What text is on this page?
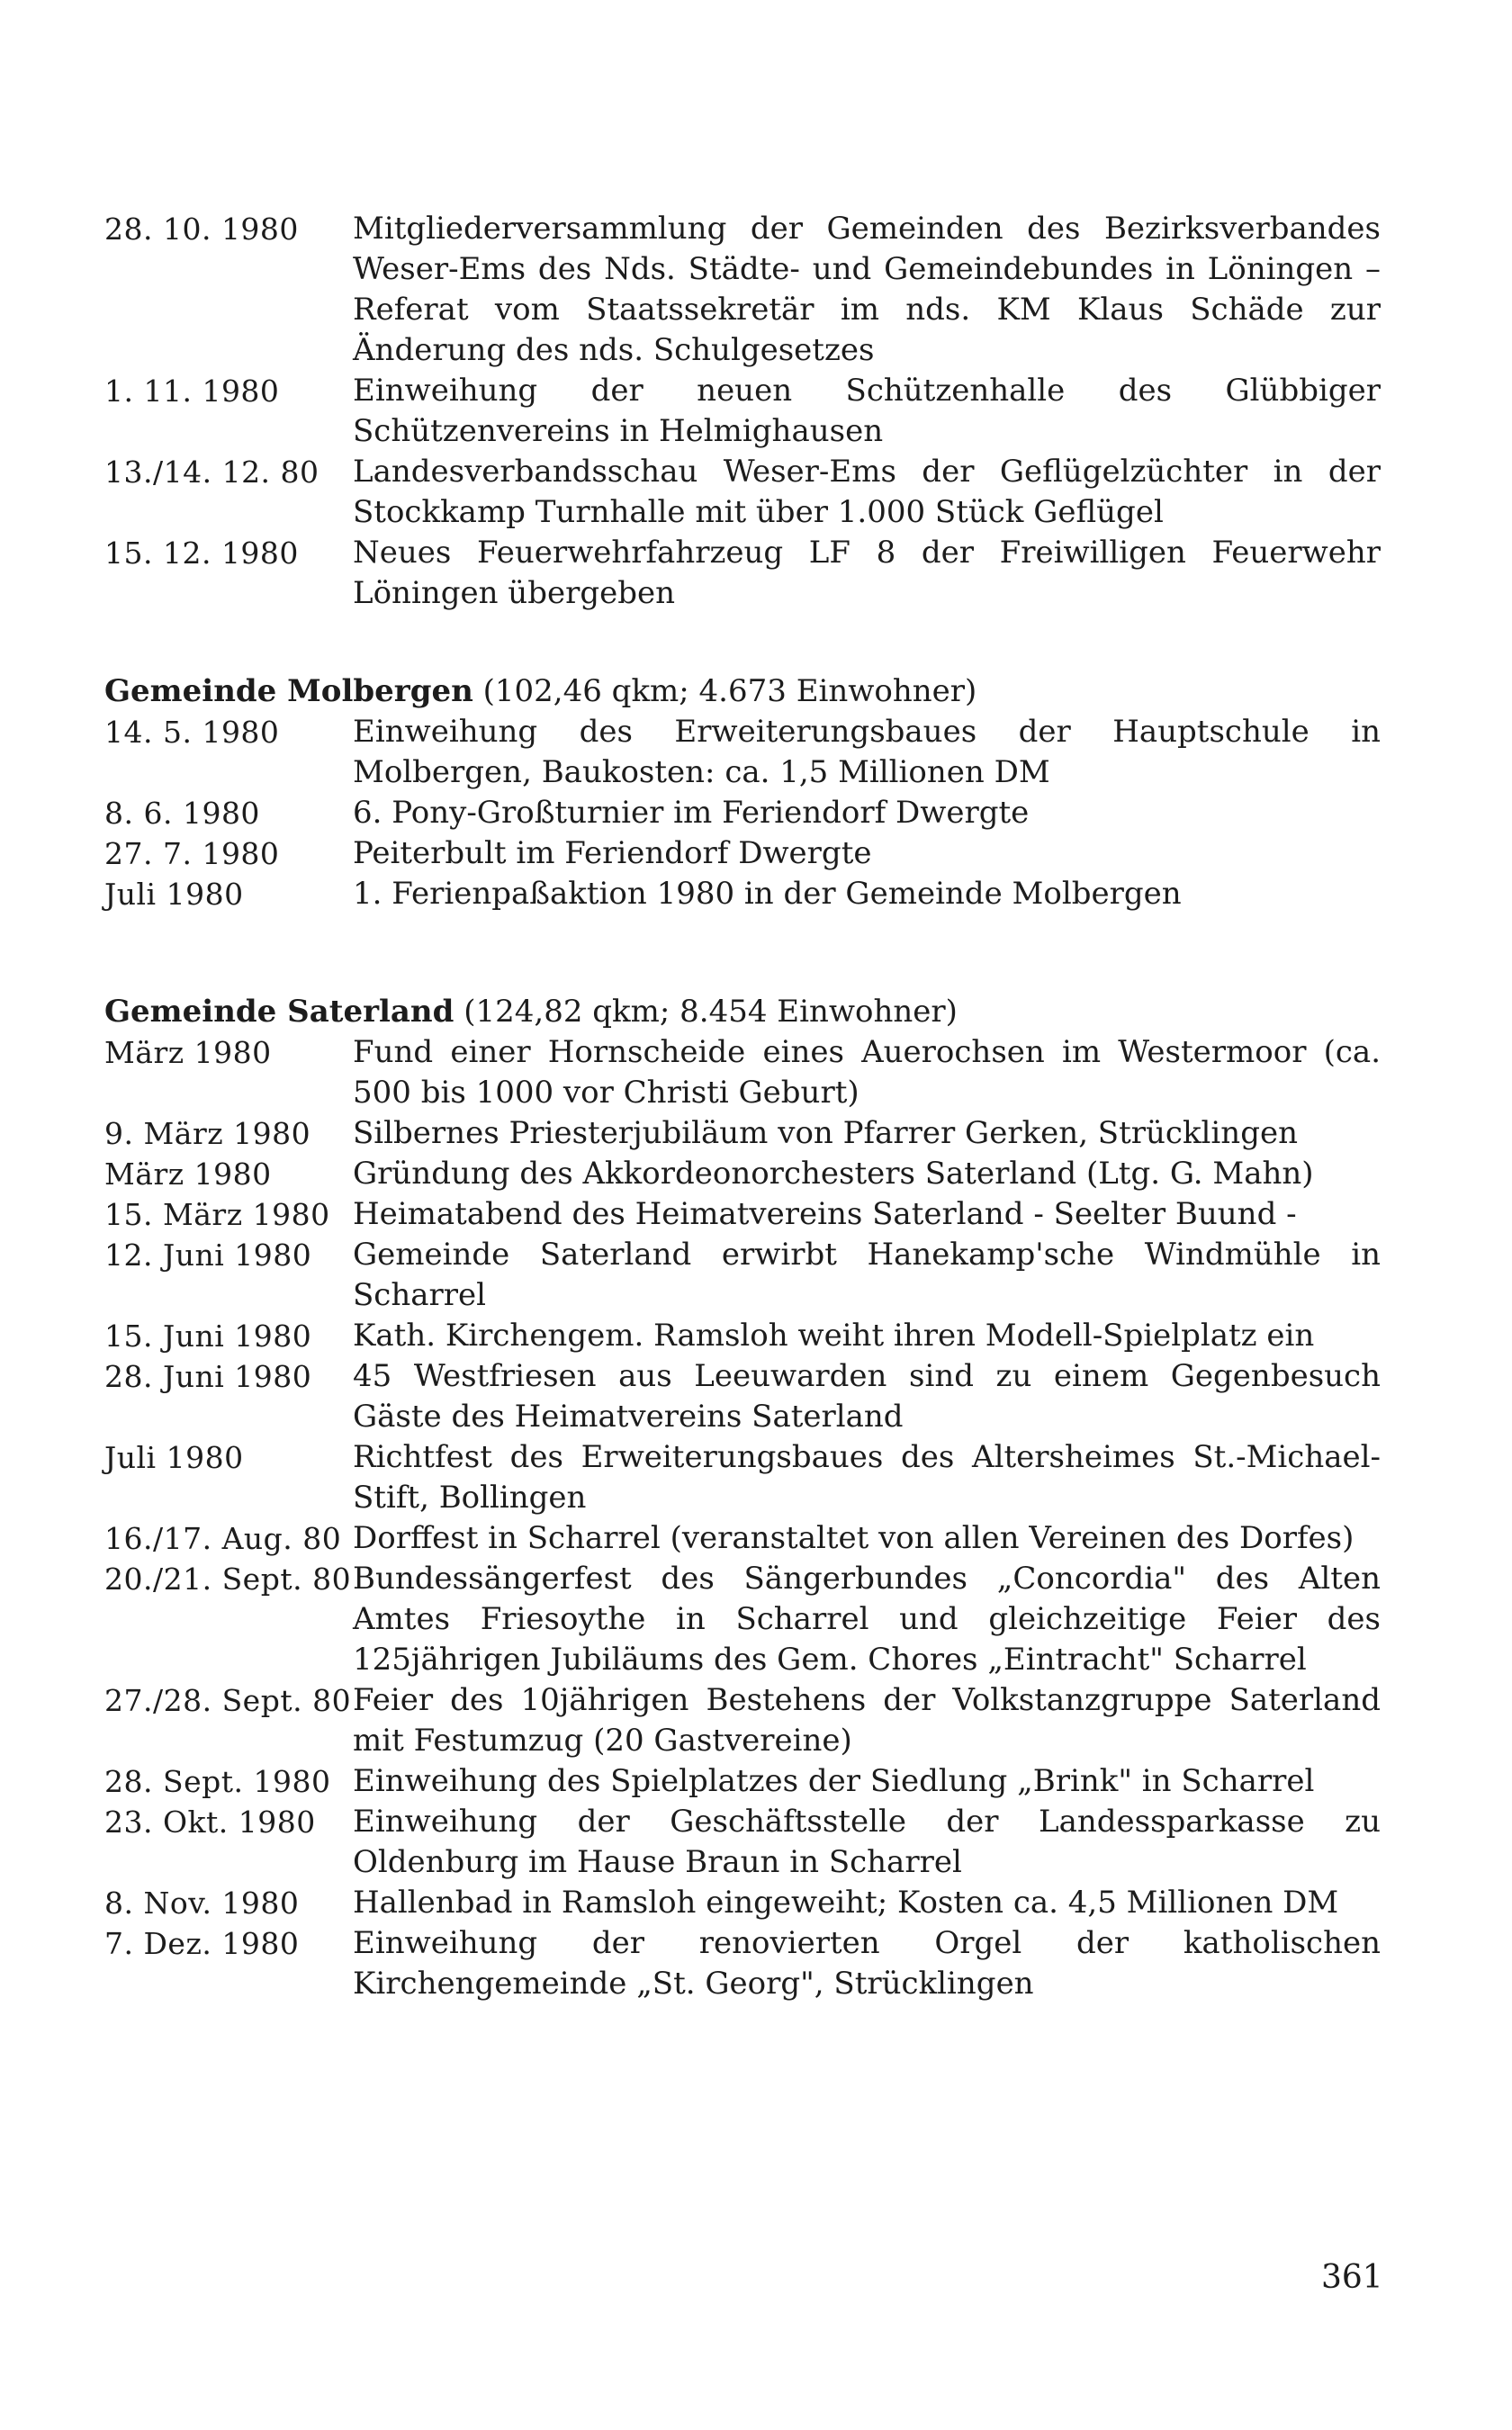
28. 10. 1980	Mitgliederversammlung der Gemeinden des Bezirksverbandes Weser-Ems des Nds. Städte- und Gemeindebundes in Löningen – Referat vom Staatssekretär im nds. KM Klaus Schäde zur Änderung des nds. Schulgesetzes
1. 11. 1980	Einweihung der neuen Schützenhalle des Glübbiger Schützenvereins in Helmighausen
13./14. 12. 80	Landesverbandsschau Weser-Ems der Geflügelzüchter in der Stockkamp Turnhalle mit über 1.000 Stück Geflügel
15. 12. 1980	Neues Feuerwehrfahrzeug LF 8 der Freiwilligen Feuerwehr Löningen übergeben
Gemeinde Molbergen (102,46 qkm; 4.673 Einwohner)
14. 5. 1980	Einweihung des Erweiterungsbaues der Hauptschule in Molbergen, Baukosten: ca. 1,5 Millionen DM
8. 6. 1980	6. Pony-Großturnier im Feriendorf Dwergte
27. 7. 1980	Peiterbult im Feriendorf Dwergte
Juli 1980	1. Ferienpaßaktion 1980 in der Gemeinde Molbergen
Gemeinde Saterland (124,82 qkm; 8.454 Einwohner)
März 1980	Fund einer Hornscheide eines Auerochsen im Westermoor (ca. 500 bis 1000 vor Christi Geburt)
9. März 1980	Silbernes Priesterjubiläum von Pfarrer Gerken, Strücklingen
März 1980	Gründung des Akkordeonorchesters Saterland (Ltg. G. Mahn)
15. März 1980 Heimatabend des Heimatvereins Saterland - Seelter Buund -
12. Juni 1980	Gemeinde Saterland erwirbt Hanekamp'sche Windmühle in Scharrel
15. Juni 1980	Kath. Kirchengem. Ramsloh weiht ihren Modell-Spielplatz ein
28. Juni 1980	45 Westfriesen aus Leeuwarden sind zu einem Gegenbesuch Gäste des Heimatvereins Saterland
Juli 1980	Richtfest des Erweiterungsbaues des Altersheimes St.-Michael-Stift, Bollingen
16./17. Aug. 80 Dorffest in Scharrel (veranstaltet von allen Vereinen des Dorfes)
20./21. Sept. 80 Bundessängerfest des Sängerbundes „Concordia" des Alten Amtes Friesoythe in Scharrel und gleichzeitige Feier des 125jährigen Jubiläums des Gem. Chores „Eintracht" Scharrel
27./28. Sept. 80 Feier des 10jährigen Bestehens der Volkstanzgruppe Saterland mit Festumzug (20 Gastvereine)
28. Sept. 1980 Einweihung des Spielplatzes der Siedlung „Brink" in Scharrel
23. Okt. 1980	Einweihung der Geschäftsstelle der Landessparkasse zu Oldenburg im Hause Braun in Scharrel
8. Nov. 1980	Hallenbad in Ramsloh eingeweiht; Kosten ca. 4,5 Millionen DM
7. Dez. 1980	Einweihung der renovierten Orgel der katholischen Kirchengemeinde „St. Georg", Strücklingen
361
